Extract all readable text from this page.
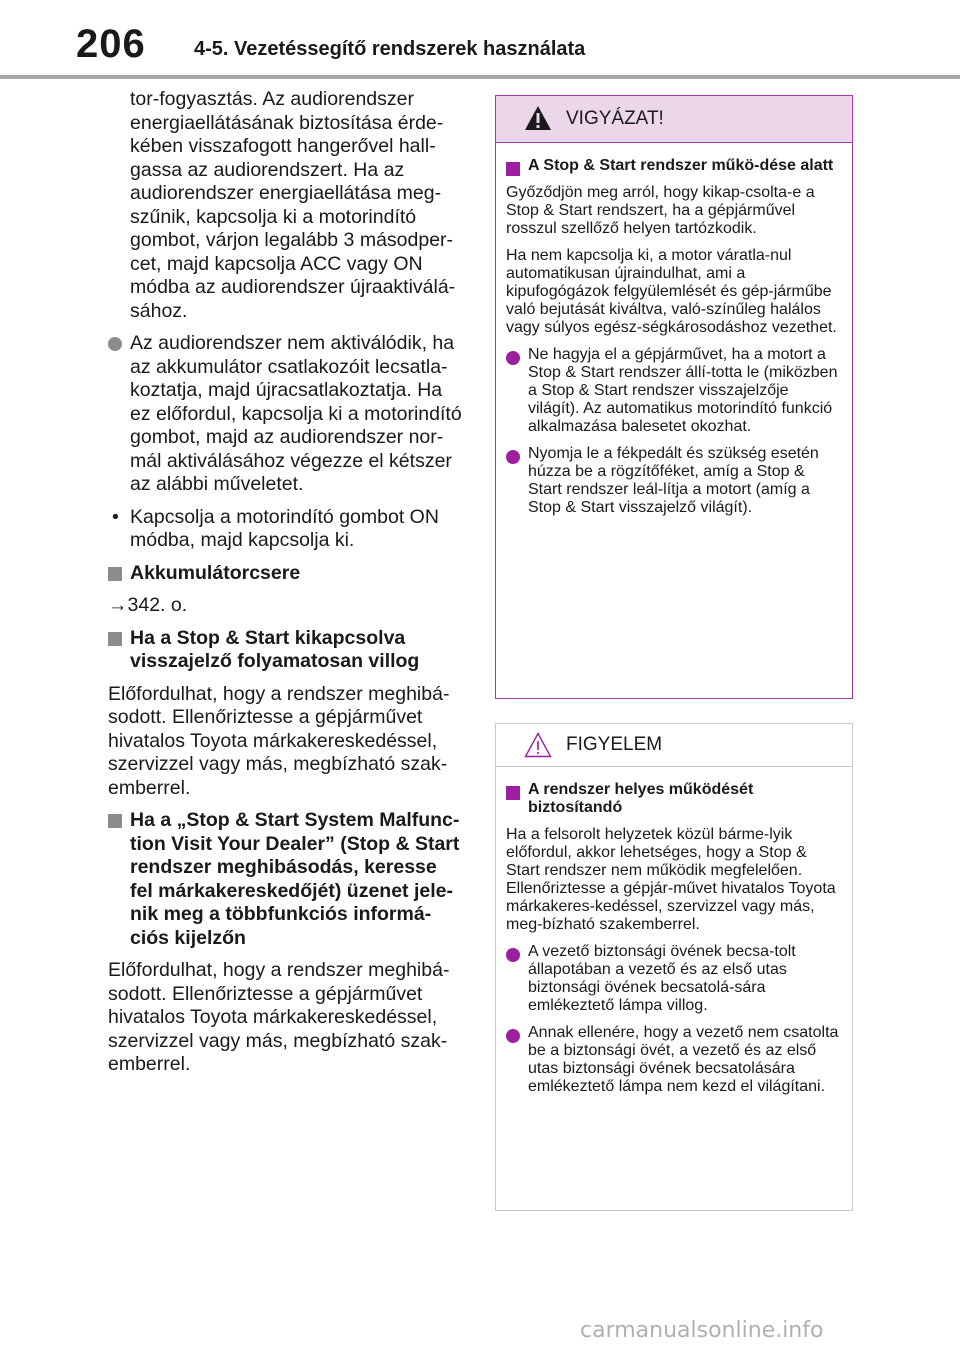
206 4-5. Vezetéssegítő rendszerek használata

tor-fogyasztás. Az audiorendszer energiaellátásának biztosítása érde-kében visszafogott hangerővel hall-gassa az audiorendszert. Ha az audiorendszer energiaellátása meg-szűnik, kapcsolja ki a motorindító gombot, várjon legalább 3 másodper-cet, majd kapcsolja ACC vagy ON módba az audiorendszer újraaktiválá-sához.

Az audiorendszer nem aktiválódik, ha az akkumulátor csatlakozóit lecsatla-koztatja, majd újracsatlakoztatja. Ha ez előfordul, kapcsolja ki a motorindító gombot, majd az audiorendszer nor-mál aktiválásához végezze el kétszer az alábbi műveletet.
• Kapcsolja a motorindító gombot ON módba, majd kapcsolja ki.
Akkumulátorcsere

→342. o.

Ha a Stop & Start kikapcsolva visszajelző folyamatosan villog

Előfordulhat, hogy a rendszer meghibá-sodott. Ellenőriztesse a gépjárművet hivatalos Toyota márkakereskedéssel, szervizzel vagy más, megbízható szak-emberrel.

Ha a „Stop & Start System Malfunc-tion Visit Your Dealer” (Stop & Start rendszer meghibásodás, keresse fel márkakereskedőjét) üzenet jele-nik meg a többfunkciós informá-ciós kijelzőn

Előfordulhat, hogy a rendszer meghibá-sodott. Ellenőriztesse a gépjárművet hivatalos Toyota márkakereskedéssel, szervizzel vagy más, megbízható szak-emberrel.

VIGYÁZAT!
A Stop & Start rendszer műkö-dése alatt

Győződjön meg arról, hogy kikap-csolta-e a Stop & Start rendszert, ha a gépjárművel rosszul szellőző helyen tartózkodik.

Ha nem kapcsolja ki, a motor váratla-nul automatikusan újraindulhat, ami a kipufogógázok felgyülemlését és gép-járműbe való bejutását kiváltva, való-színűleg halálos vagy súlyos egész-ségkárosodáshoz vezethet.

Ne hagyja el a gépjárművet, ha a motort a Stop & Start rendszer állí-totta le (miközben a Stop & Start rendszer visszajelzője világít). Az automatikus motorindító funkció alkalmazása balesetet okozhat.
Nyomja le a fékpedált és szükség esetén húzza be a rögzítőféket, amíg a Stop & Start rendszer leál-lítja a motort (amíg a Stop & Start visszajelző világít).
FIGYELEM
A rendszer helyes működését biztosítandó

Ha a felsorolt helyzetek közül bárme-lyik előfordul, akkor lehetséges, hogy a Stop & Start rendszer nem működik megfelelően. Ellenőriztesse a gépjár-művet hivatalos Toyota márkakeres-kedéssel, szervizzel vagy más, meg-bízható szakemberrel.

A vezető biztonsági övének becsa-tolt állapotában a vezető és az első utas biztonsági övének becsatolá-sára emlékeztető lámpa villog.
Annak ellenére, hogy a vezető nem csatolta be a biztonsági övét, a vezető és az első utas biztonsági övének becsatolására emlékeztető lámpa nem kezd el világítani.
carmanualsonline.info
